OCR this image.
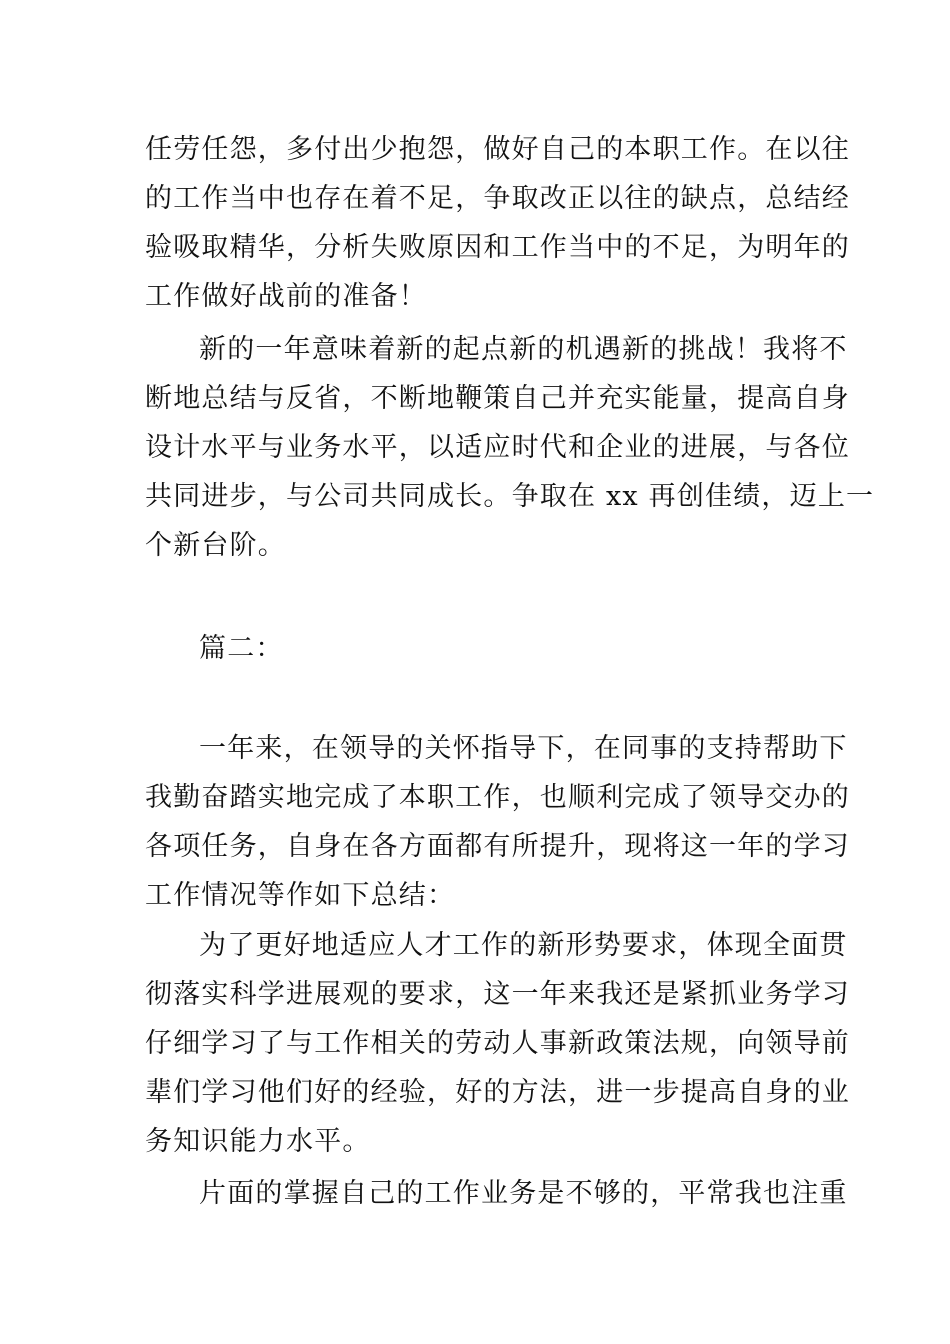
任劳任怨，多付出少抱怨，做好自己的本职工作。在以往
的工作当中也存在着不足，争取改正以往的缺点，总结经
验吸取精华，分析失败原因和工作当中的不足，为明年的
工作做好战前的准备！
新的一年意味着新的起点新的机遇新的挑战！我将不
断地总结与反省，不断地鞭策自己并充实能量，提高自身
设计水平与业务水平，以适应时代和企业的进展，与各位
共同进步，与公司共同成长。争取在 xx 再创佳绩，迈上一
个新台阶。
篇二：
一年来，在领导的关怀指导下，在同事的支持帮助下
我勤奋踏实地完成了本职工作，也顺利完成了领导交办的
各项任务，自身在各方面都有所提升，现将这一年的学习
工作情况等作如下总结：
为了更好地适应人才工作的新形势要求，体现全面贯
彻落实科学进展观的要求，这一年来我还是紧抓业务学习
仔细学习了与工作相关的劳动人事新政策法规，向领导前
辈们学习他们好的经验，好的方法，进一步提高自身的业
务知识能力水平。
片面的掌握自己的工作业务是不够的，平常我也注重
